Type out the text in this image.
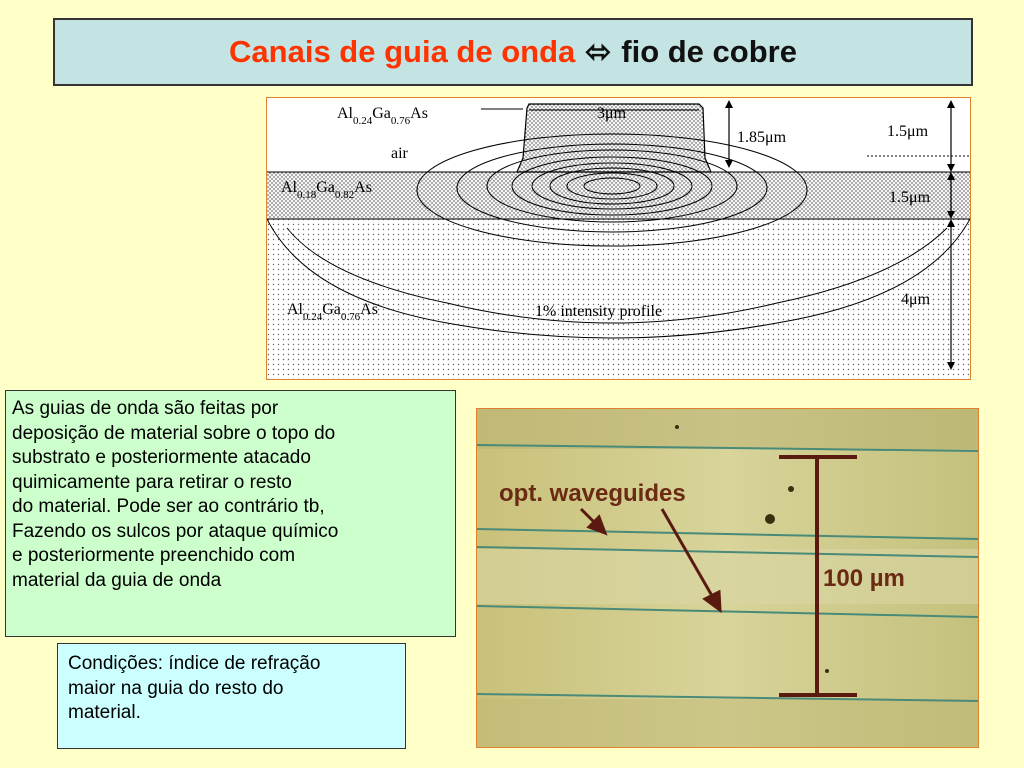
Canais de guia de onda ⬄ fio de cobre
3μm
1.85μm	1.5μm
1.5μm
4μm
$Al_{0.24}Ga_{0.76}As$
air
$Al_{0.18}Ga_{0.82}As$
$Al_{0.24}Ga_{0.76}As$	1% intensity profile
As guias de onda são feitas por
deposição de material sobre o topo do
substrato e posteriormente atacado
quimicamente para retirar o resto
do material. Pode ser ao contrário tb,
Fazendo os sulcos por ataque químico
e posteriormente preenchido com
material da guia de onda
Condições: índice de refração
maior na guia do resto do
material.
opt. waveguides
100 µm
